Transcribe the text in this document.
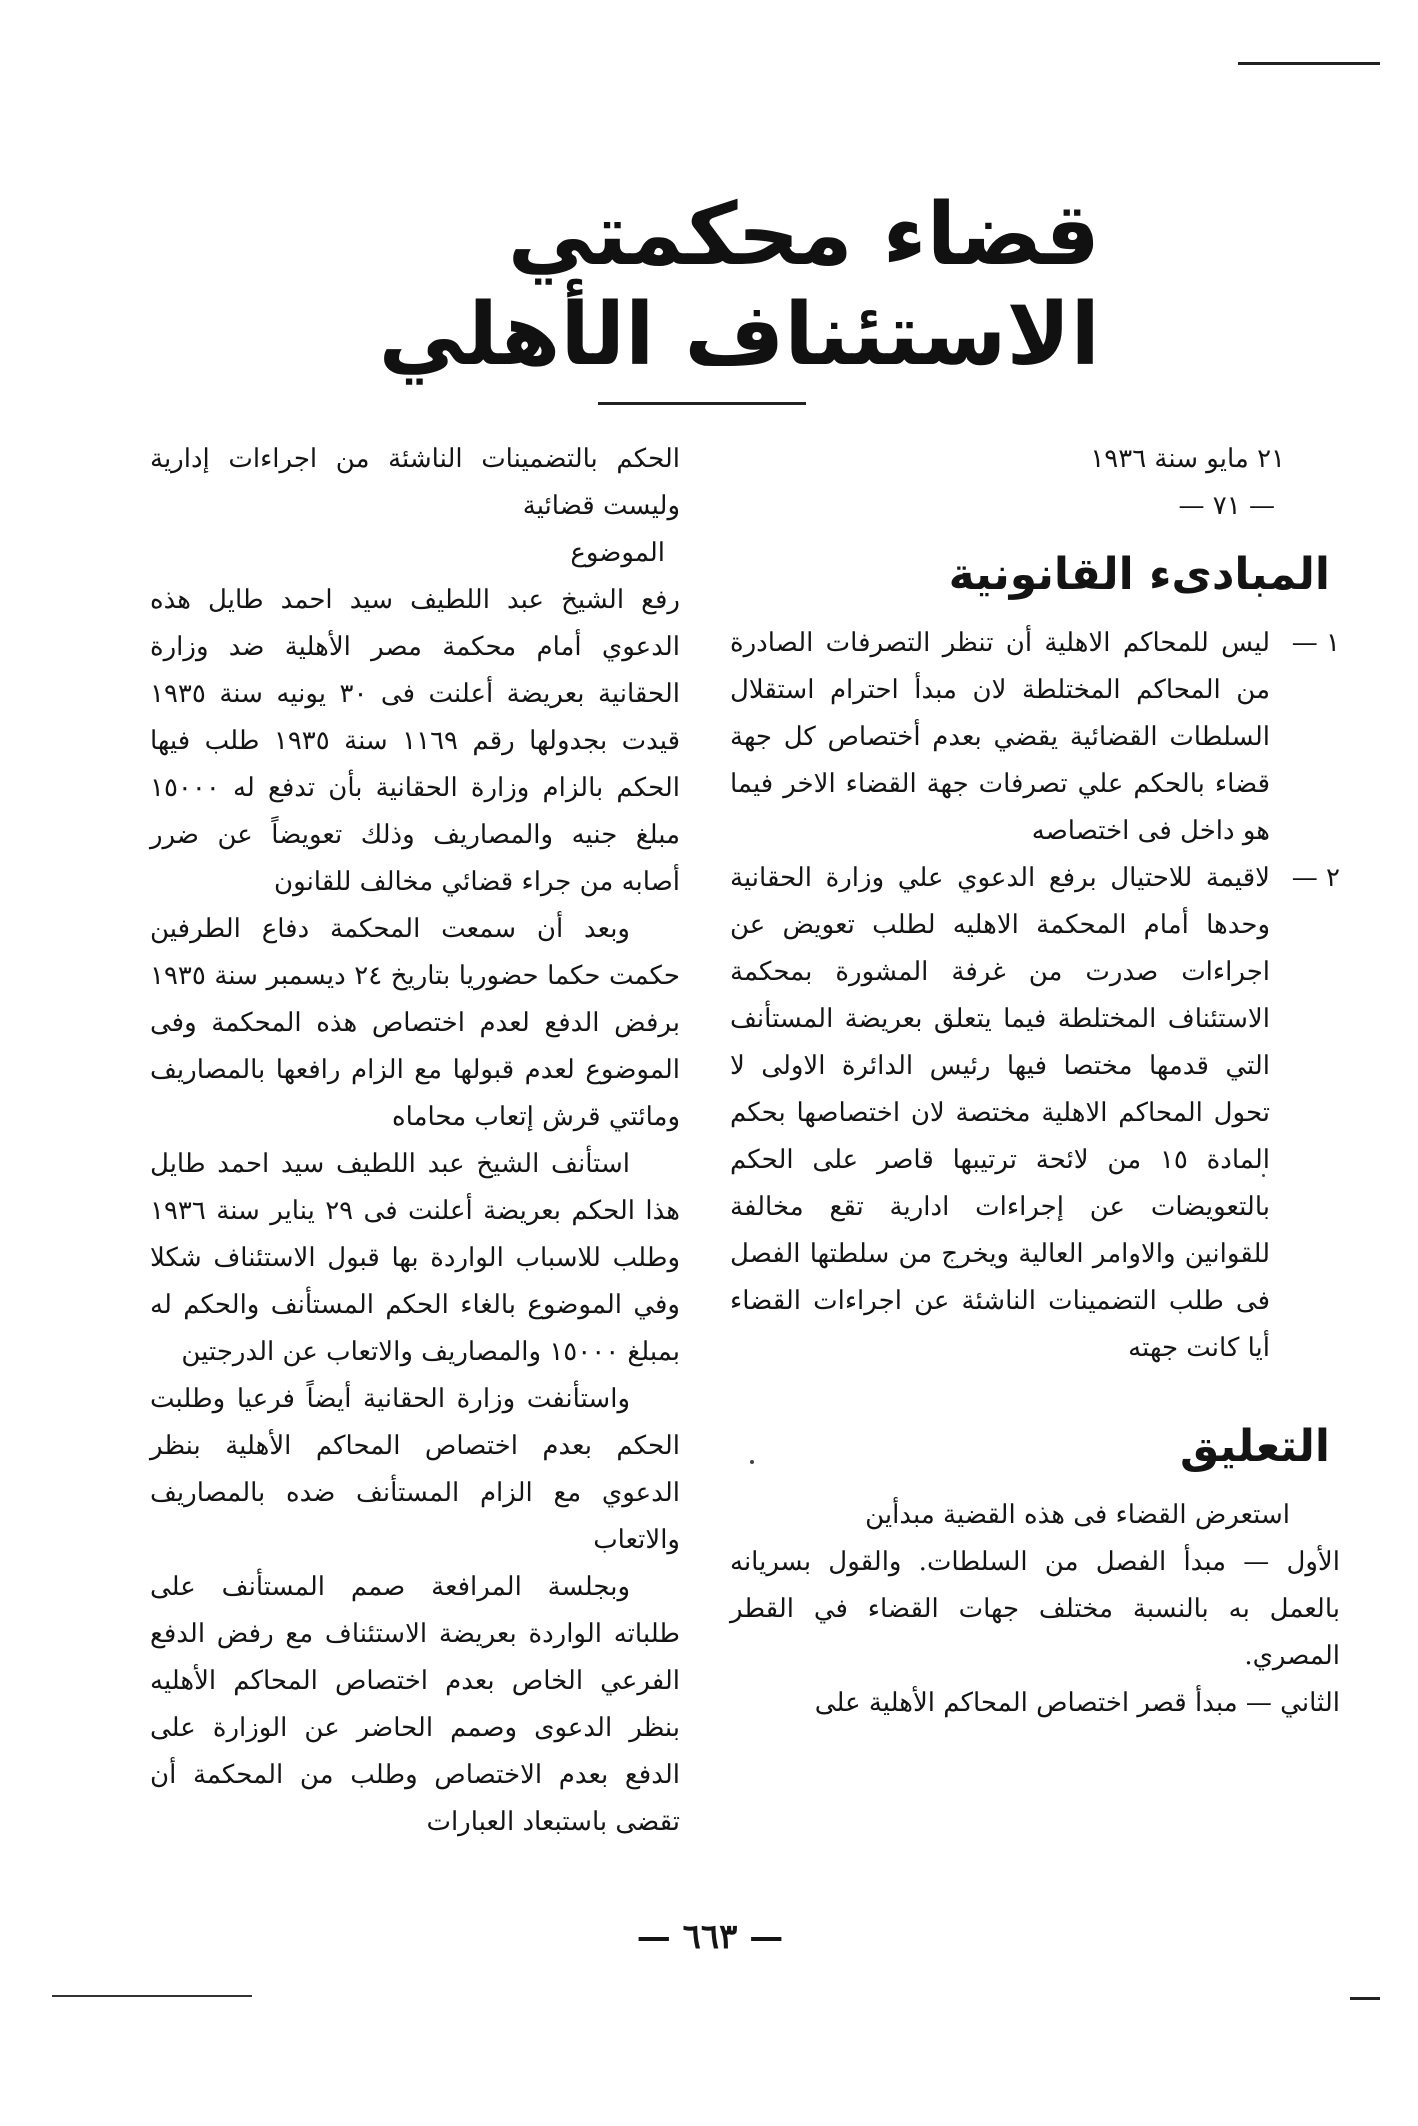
قضاء محكمتي الاستئناف الأهلي
٢١ مايو سنة ١٩٣٦
— ٧١ —
المبادىء القانونية
١ —
ليس للمحاكم الاهلية أن تنظر التصرفات الصادرة من المحاكم المختلطة لان مبدأ احترام استقلال السلطات القضائية يقضي بعدم أختصاص كل جهة قضاء بالحكم علي تصرفات جهة القضاء الاخر فيما هو داخل فى اختصاصه
٢ —
لاقيمة للاحتيال برفع الدعوي علي وزارة الحقانية وحدها أمام المحكمة الاهليه لطلب تعويض عن اجراءات صدرت من غرفة المشورة بمحكمة الاستئناف المختلطة فيما يتعلق بعريضة المستأنف التي قدمها مختصا فيها رئيس الدائرة الاولى لا تحول المحاكم الاهلية مختصة لان اختصاصها بحكم المادة ١٥ من لائحة ترتيبها قاصر على الحكم بالتعويضات عن إجراءات ادارية تقع مخالفة للقوانين والاوامر العالية ويخرج من سلطتها الفصل فى طلب التضمينات الناشئة عن اجراءات القضاء أيا كانت جهته
التعليق

استعرض القضاء فى هذه القضية مبدأين

الأول — مبدأ الفصل من السلطات. والقول بسريانه بالعمل به بالنسبة مختلف جهات القضاء في القطر المصري.

الثاني — مبدأ قصر اختصاص المحاكم الأهلية على

الحكم بالتضمينات الناشئة من اجراءات إدارية وليست قضائية

الموضوع

رفع الشيخ عبد اللطيف سيد احمد طايل هذه الدعوي أمام محكمة مصر الأهلية ضد وزارة الحقانية بعريضة أعلنت فى ٣٠ يونيه سنة ١٩٣٥ قيدت بجدولها رقم ١١٦٩ سنة ١٩٣٥ طلب فيها الحكم بالزام وزارة الحقانية بأن تدفع له ١٥٠٠٠ مبلغ جنيه والمصاريف وذلك تعويضاً عن ضرر أصابه من جراء قضائي مخالف للقانون

وبعد أن سمعت المحكمة دفاع الطرفين حكمت حكما حضوريا بتاريخ ٢٤ ديسمبر سنة ١٩٣٥ برفض الدفع لعدم اختصاص هذه المحكمة وفى الموضوع لعدم قبولها مع الزام رافعها بالمصاريف ومائتي قرش إتعاب محاماه

استأنف الشيخ عبد اللطيف سيد احمد طايل هذا الحكم بعريضة أعلنت فى ٢٩ يناير سنة ١٩٣٦ وطلب للاسباب الواردة بها قبول الاستئناف شكلا وفي الموضوع بالغاء الحكم المستأنف والحكم له بمبلغ ١٥٠٠٠ والمصاريف والاتعاب عن الدرجتين

واستأنفت وزارة الحقانية أيضاً فرعيا وطلبت الحكم بعدم اختصاص المحاكم الأهلية بنظر الدعوي مع الزام المستأنف ضده بالمصاريف والاتعاب

وبجلسة المرافعة صمم المستأنف على طلباته الواردة بعريضة الاستئناف مع رفض الدفع الفرعي الخاص بعدم اختصاص المحاكم الأهليه بنظر الدعوى وصمم الحاضر عن الوزارة على الدفع بعدم الاختصاص وطلب من المحكمة أن تقضى باستبعاد العبارات

— ٦٦٣ —
